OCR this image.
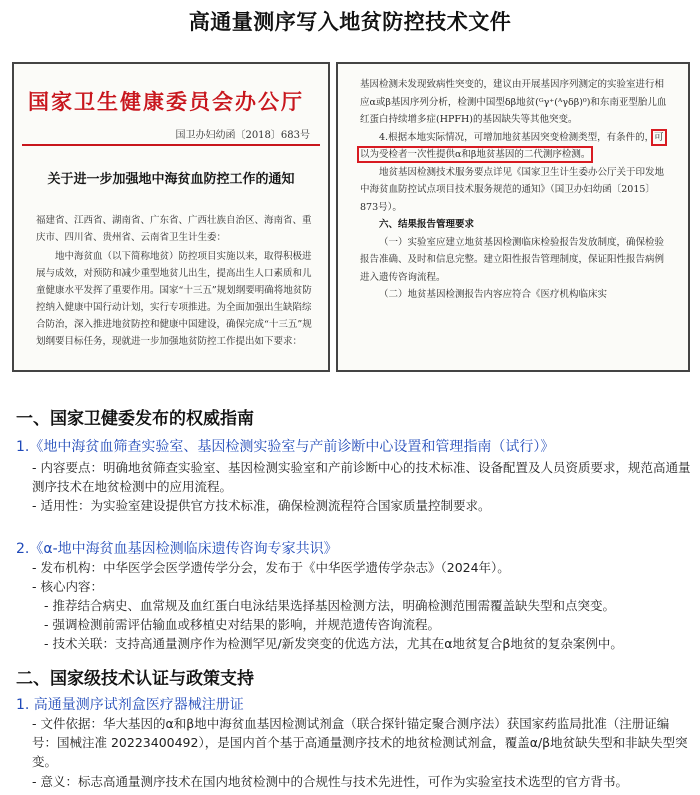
高通量测序写入地贫防控技术文件
国家卫生健康委员会办公厅
国卫办妇幼函〔2018〕683号
关于进一步加强地中海贫血防控工作的通知

福建省、江西省、湖南省、广东省、广西壮族自治区、海南省、重庆市、四川省、贵州省、云南省卫生计生委：

地中海贫血（以下简称地贫）防控项目实施以来，取得积极进展与成效，对预防和减少重型地贫儿出生，提高出生人口素质和儿童健康水平发挥了重要作用。国家“十三五”规划纲要明确将地贫防控纳入健康中国行动计划，实行专项推进。为全面加强出生缺陷综合防治，深入推进地贫防控和健康中国建设，确保完成“十三五”规划纲要目标任务，现就进一步加强地贫防控工作提出如下要求：

基因检测未发现致病性突变的，建议由开展基因序列测定的实验室进行相应α或β基因序列分析，检测中国型δβ地贫(ᴳγ⁺(ᴬγδβ)⁰)和东南亚型胎儿血红蛋白持续增多症(HPFH)的基因缺失等其他突变。

4.根据本地实际情况，可增加地贫基因突变检测类型，有条件的，可以为受检者一次性提供α和β地贫基因的二代测序检测。

地贫基因检测技术服务要点详见《国家卫生计生委办公厅关于印发地中海贫血防控试点项目技术服务规范的通知》（国卫办妇幼函〔2015〕873号）。

六、结果报告管理要求

（一）实验室应建立地贫基因检测临床检验报告发放制度，确保检验报告准确、及时和信息完整。建立阳性报告管理制度，保证阳性报告病例进入遗传咨询流程。

（二）地贫基因检测报告内容应符合《医疗机构临床实

一、国家卫健委发布的权威指南
1.《地中海贫血筛查实验室、基因检测实验室与产前诊断中心设置和管理指南（试行）》
- 内容要点：明确地贫筛查实验室、基因检测实验室和产前诊断中心的技术标准、设备配置及人员资质要求，规范高通量测序技术在地贫检测中的应用流程。
- 适用性：为实验室建设提供官方技术标准，确保检测流程符合国家质量控制要求。
2.《α-地中海贫血基因检测临床遗传咨询专家共识》
- 发布机构：中华医学会医学遗传学分会，发布于《中华医学遗传学杂志》（2024年）。
- 核心内容：
- 推荐结合病史、血常规及血红蛋白电泳结果选择基因检测方法，明确检测范围需覆盖缺失型和点突变。
- 强调检测前需评估输血或移植史对结果的影响，并规范遗传咨询流程。
- 技术关联：支持高通量测序作为检测罕见/新发突变的优选方法，尤其在α地贫复合β地贫的复杂案例中。
二、国家级技术认证与政策支持
1. 高通量测序试剂盒医疗器械注册证
- 文件依据：华大基因的α和β地中海贫血基因检测试剂盒（联合探针锚定聚合测序法）获国家药监局批准（注册证编号：国械注准 20223400492），是国内首个基于高通量测序技术的地贫检测试剂盒，覆盖α/β地贫缺失型和非缺失型突变。
- 意义：标志高通量测序技术在国内地贫检测中的合规性与技术先进性，可作为实验室技术选型的官方背书。
